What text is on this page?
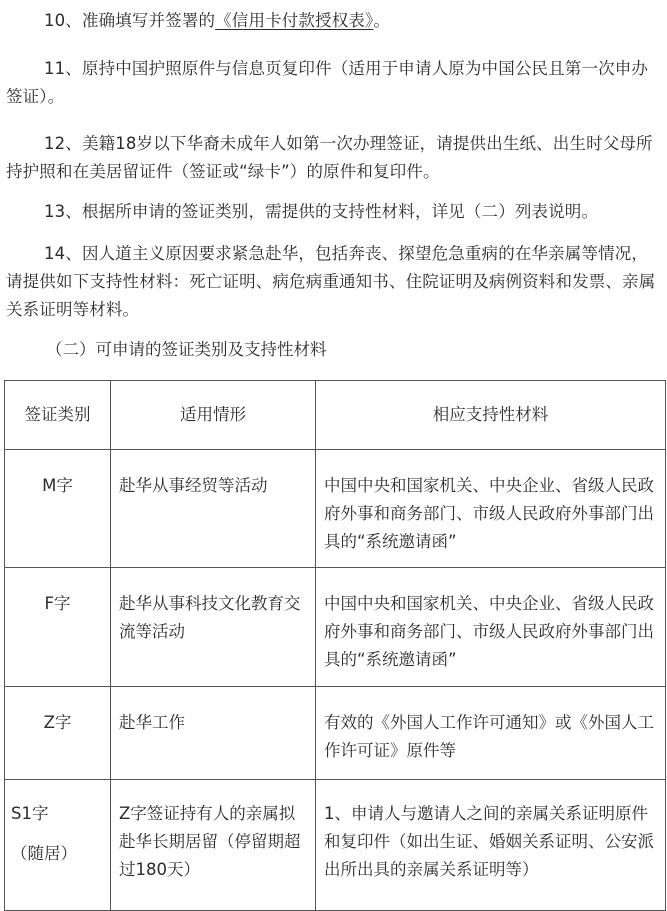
10、准确填写并签署的《信用卡付款授权表》。

11、原持中国护照原件与信息页复印件（适用于申请人原为中国公民且第一次申办签证）。

12、美籍18岁以下华裔未成年人如第一次办理签证，请提供出生纸、出生时父母所持护照和在美居留证件（签证或“绿卡”）的原件和复印件。

13、根据所申请的签证类别，需提供的支持性材料，详见（二）列表说明。

14、因人道主义原因要求紧急赴华，包括奔丧、探望危急重病的在华亲属等情况，请提供如下支持性材料：死亡证明、病危病重通知书、住院证明及病例资料和发票、亲属关系证明等材料。

（二）可申请的签证类别及支持性材料

签证类别	适用情形	相应支持性材料
M字	赴华从事经贸等活动	中国中央和国家机关、中央企业、省级人民政府外事和商务部门、市级人民政府外事部门出具的“系统邀请函”
F字	赴华从事科技文化教育交流等活动	中国中央和国家机关、中央企业、省级人民政府外事和商务部门、市级人民政府外事部门出具的“系统邀请函”
Z字	赴华工作	有效的《外国人工作许可通知》或《外国人工作许可证》原件等

S1字
（随居）	Z字签证持有人的亲属拟赴华长期居留（停留期超过180天）	1、申请人与邀请人之间的亲属关系证明原件和复印件（如出生证、婚姻关系证明、公安派出所出具的亲属关系证明等）
